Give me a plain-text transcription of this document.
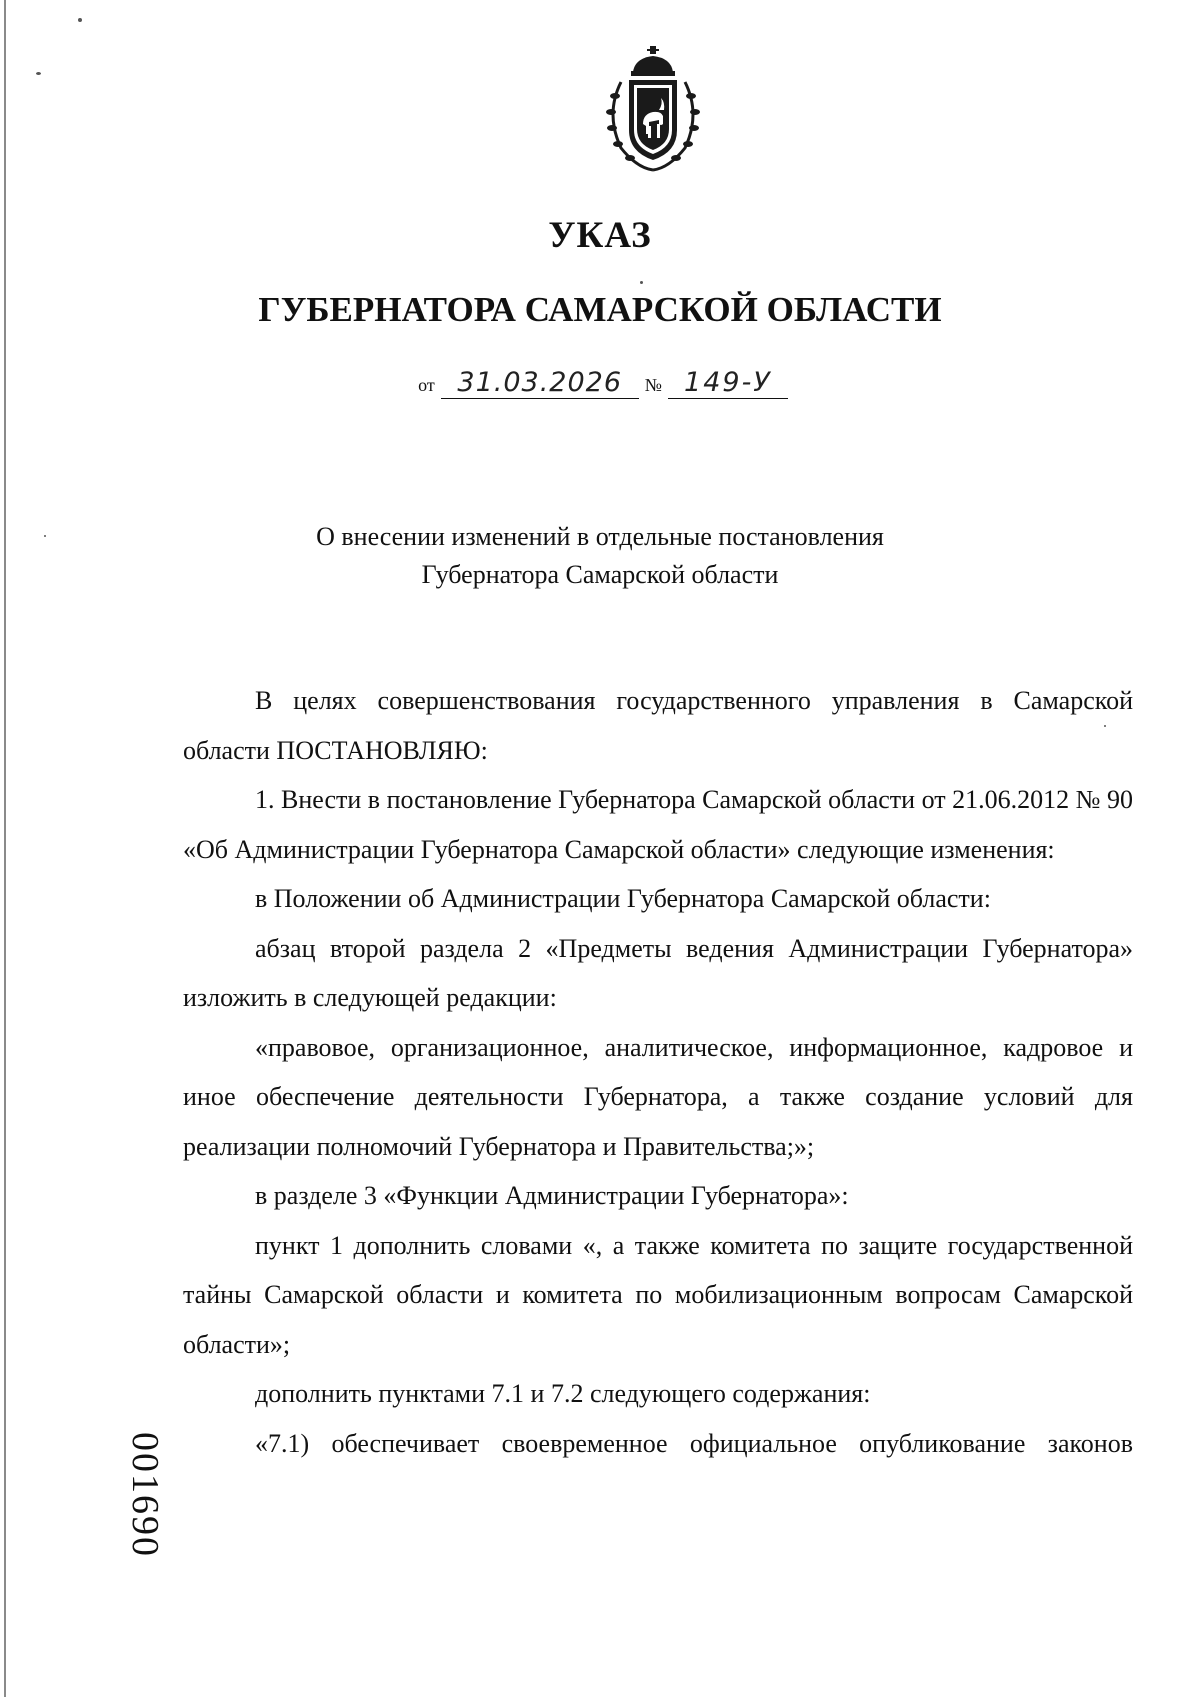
УКАЗ
ГУБЕРНАТОРА САМАРСКОЙ ОБЛАСТИ
от 31.03.2026 № 149-У
О внесении изменений в отдельные постановления
Губернатора Самарской области

В целях совершенствования государственного управления в Самарской области ПОСТАНОВЛЯЮ:

1. Внести в постановление Губернатора Самарской области от 21.06.2012 № 90 «Об Администрации Губернатора Самарской области» следующие изменения:

в Положении об Администрации Губернатора Самарской области:

абзац второй раздела 2 «Предметы ведения Администрации Губернатора» изложить в следующей редакции:

«правовое, организационное, аналитическое, информационное, кадровое и иное обеспечение деятельности Губернатора, а также создание условий для реализации полномочий Губернатора и Правительства;»;

в разделе 3 «Функции Администрации Губернатора»:

пункт 1 дополнить словами «, а также комитета по защите государственной тайны Самарской области и комитета по мобилизационным вопросам Самарской области»;

дополнить пунктами 7.1 и 7.2 следующего содержания:

«7.1) обеспечивает своевременное официальное опубликование законов

001690
